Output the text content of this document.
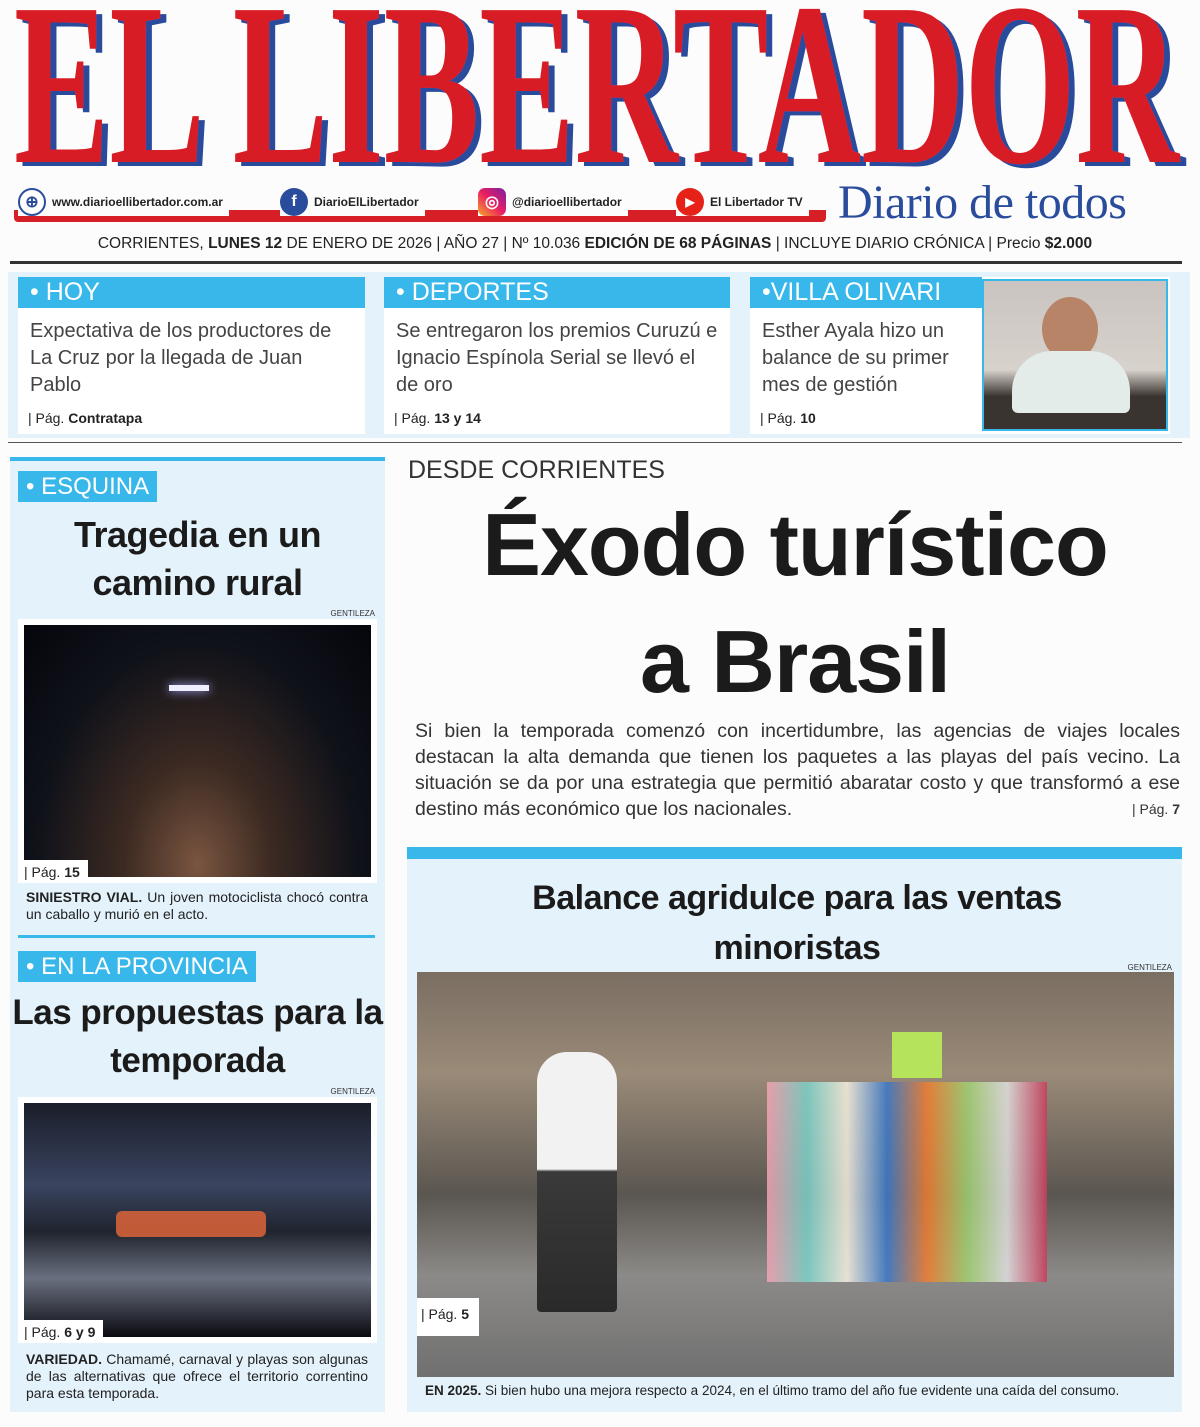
EL LIBERTADOR
⊕	www.diarioellibertador.com.ar	f	DiarioElLibertador	◎	@diarioellibertador	▶	El Libertador TV Diario de todos
CORRIENTES, LUNES 12 DE ENERO DE 2026 | AÑO 27 | Nº 10.036 EDICIÓN DE 68 PÁGINAS | INCLUYE DIARIO CRÓNICA | Precio $2.000
• HOY
Expectativa de los productores de La Cruz por la llegada de Juan Pablo
| Pág. Contratapa
• DEPORTES
Se entregaron los premios Curuzú e Ignacio Espínola Serial se llevó el de oro
| Pág. 13 y 14
•VILLA OLIVARI
Esther Ayala hizo un balance de su primer mes de gestión
| Pág. 10
• ESQUINA
Tragedia en un camino rural
GENTILEZA
| Pág. 15
SINIESTRO VIAL. Un joven motociclista chocó contra un caballo y murió en el acto.
• EN LA PROVINCIA
Las propuestas para la temporada
GENTILEZA
| Pág. 6 y 9
VARIEDAD. Chamamé, carnaval y playas son algunas de las alternativas que ofrece el territorio correntino para esta temporada.
DESDE CORRIENTES
Éxodo turístico
a Brasil
Si bien la temporada comenzó con incertidumbre, las agencias de viajes locales destacan la alta demanda que tienen los paquetes a las playas del país vecino. La situación se da por una estrategia que permitió abaratar costo y que transformó a ese destino más económico que los nacionales.	| Pág. 7
Balance agridulce para las ventas minoristas
GENTILEZA
| Pág. 5
EN 2025. Si bien hubo una mejora respecto a 2024, en el último tramo del año fue evidente una caída del consumo.
